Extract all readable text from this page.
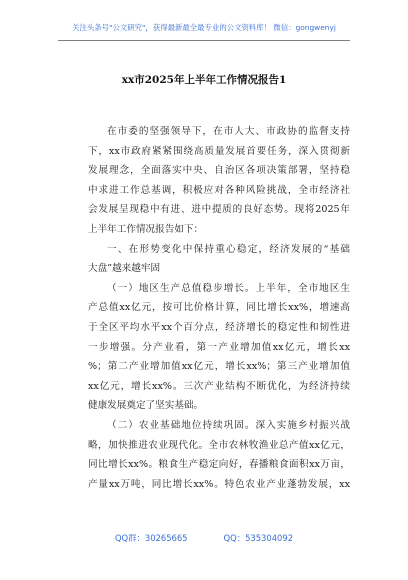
关注头条号"公文研究"，获得最新最全最专业的公文资料库！ 微信：gongwenyj
xx市2025年上半年工作情况报告1
在市委的坚强领导下，在市人大、市政协的监督支持
下，xx市政府紧紧围绕高质量发展首要任务，深入贯彻新
发展理念，全面落实中央、自治区各项决策部署，坚持稳
中求进工作总基调，积极应对各种风险挑战，全市经济社
会发展呈现稳中有进、进中提质的良好态势。现将2025年
上半年工作情况报告如下：
一、在形势变化中保持重心稳定，经济发展的“基础
大盘”越来越牢固
（一）地区生产总值稳步增长。上半年，全市地区生
产总值xx亿元，按可比价格计算，同比增长xx%，增速高
于全区平均水平xx个百分点，经济增长的稳定性和韧性进
一步增强。分产业看，第一产业增加值xx亿元，增长xx
%；第二产业增加值xx亿元，增长xx%；第三产业增加值
xx亿元，增长xx%。三次产业结构不断优化，为经济持续
健康发展奠定了坚实基础。
（二）农业基础地位持续巩固。深入实施乡村振兴战
略，加快推进农业现代化。全市农林牧渔业总产值xx亿元，
同比增长xx%。粮食生产稳定向好，春播粮食面积xx万亩，
产量xx万吨，同比增长xx%。特色农业产业蓬勃发展，xx
QQ群：30265665	QQ：535304092
